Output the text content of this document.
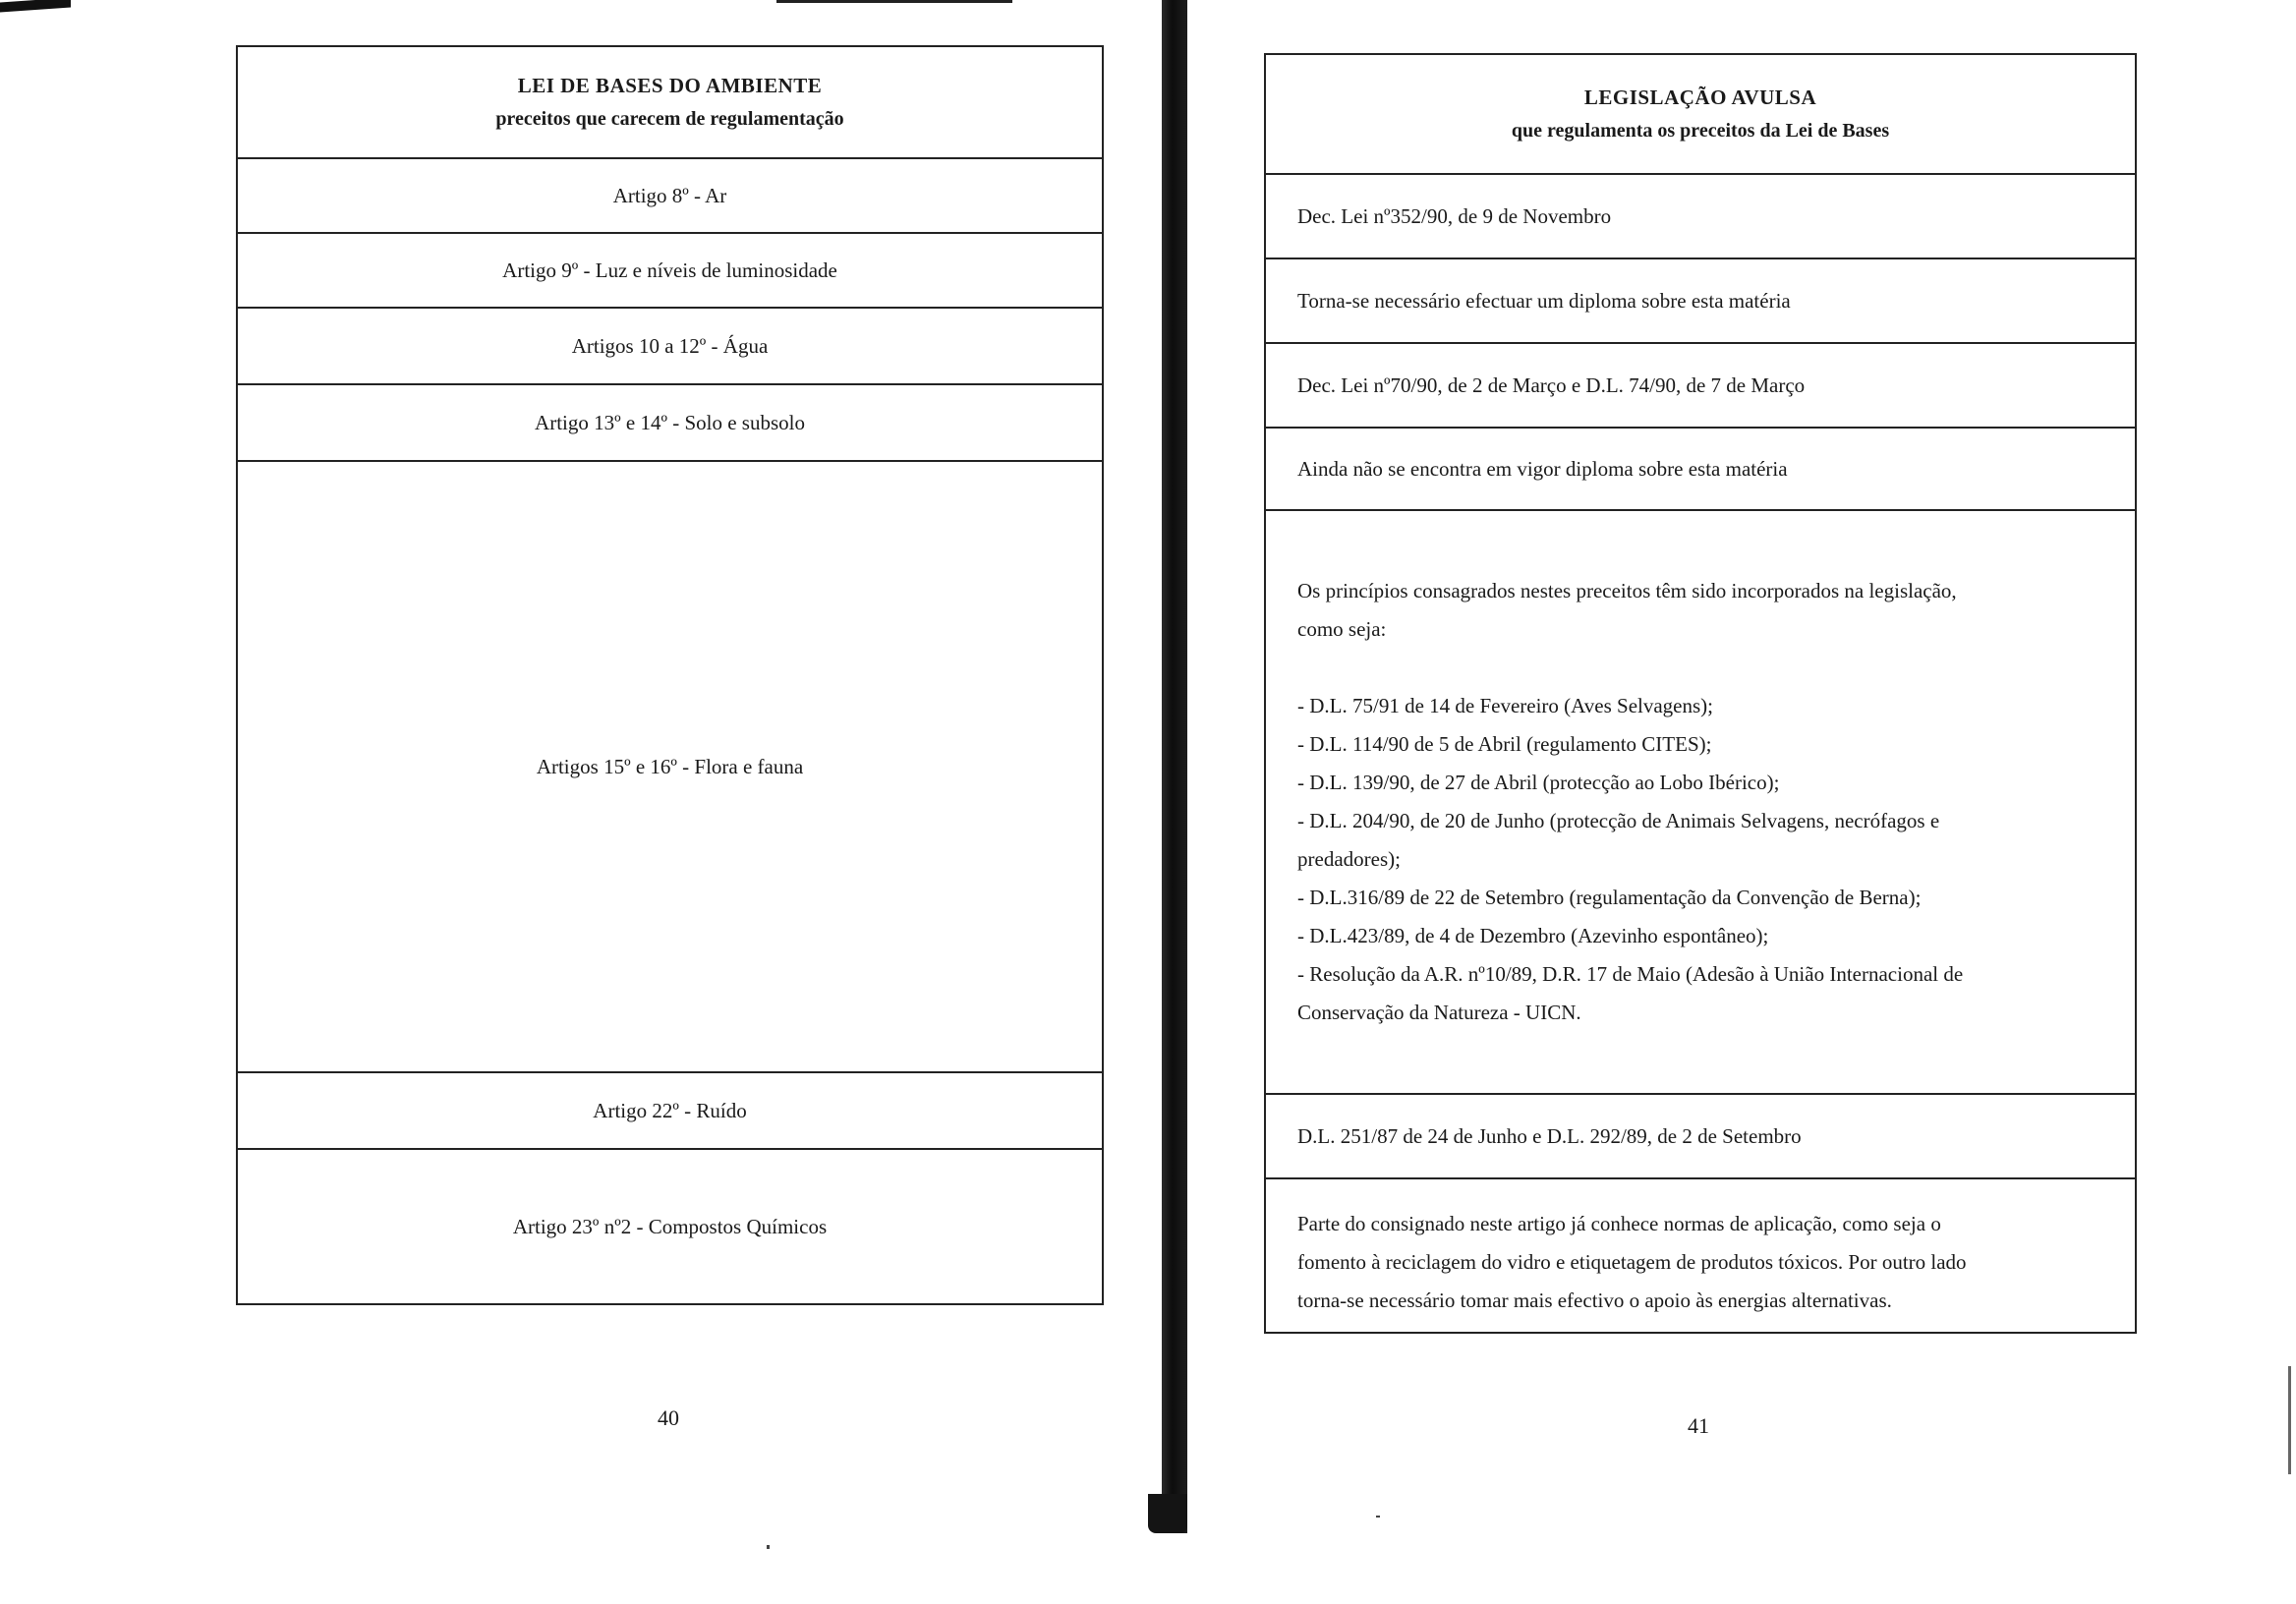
LEI DE BASES DO AMBIENTE
preceitos que carecem de regulamentação
Artigo 8º - Ar
Artigo 9º - Luz e níveis de luminosidade
Artigos 10 a 12º - Água
Artigo 13º e 14º - Solo e subsolo
Artigos 15º e 16º - Flora e fauna
Artigo 22º - Ruído
Artigo 23º nº2 - Compostos Químicos
40
LEGISLAÇÃO AVULSA
que regulamenta os preceitos da Lei de Bases
Dec. Lei nº352/90, de 9 de Novembro
Torna-se necessário efectuar um diploma sobre esta matéria
Dec. Lei nº70/90, de 2 de Março e D.L. 74/90, de 7 de Março
Ainda não se encontra em vigor diploma sobre esta matéria
Os princípios consagrados nestes preceitos têm sido incorporados na legislação,
como seja:
- D.L. 75/91 de 14 de Fevereiro (Aves Selvagens);
- D.L. 114/90 de 5 de Abril (regulamento CITES);
- D.L. 139/90, de 27 de Abril (protecção ao Lobo Ibérico);
- D.L. 204/90, de 20 de Junho (protecção de Animais Selvagens, necrófagos e
predadores);
- D.L.316/89 de 22 de Setembro (regulamentação da Convenção de Berna);
- D.L.423/89, de 4 de Dezembro (Azevinho espontâneo);
- Resolução da A.R. nº10/89, D.R. 17 de Maio (Adesão à União Internacional de
Conservação da Natureza - UICN.
D.L. 251/87 de 24 de Junho e D.L. 292/89, de 2 de Setembro
Parte do consignado neste artigo já conhece normas de aplicação, como seja o
fomento à reciclagem do vidro e etiquetagem de produtos tóxicos. Por outro lado
torna-se necessário tomar mais efectivo o apoio às energias alternativas.
41
